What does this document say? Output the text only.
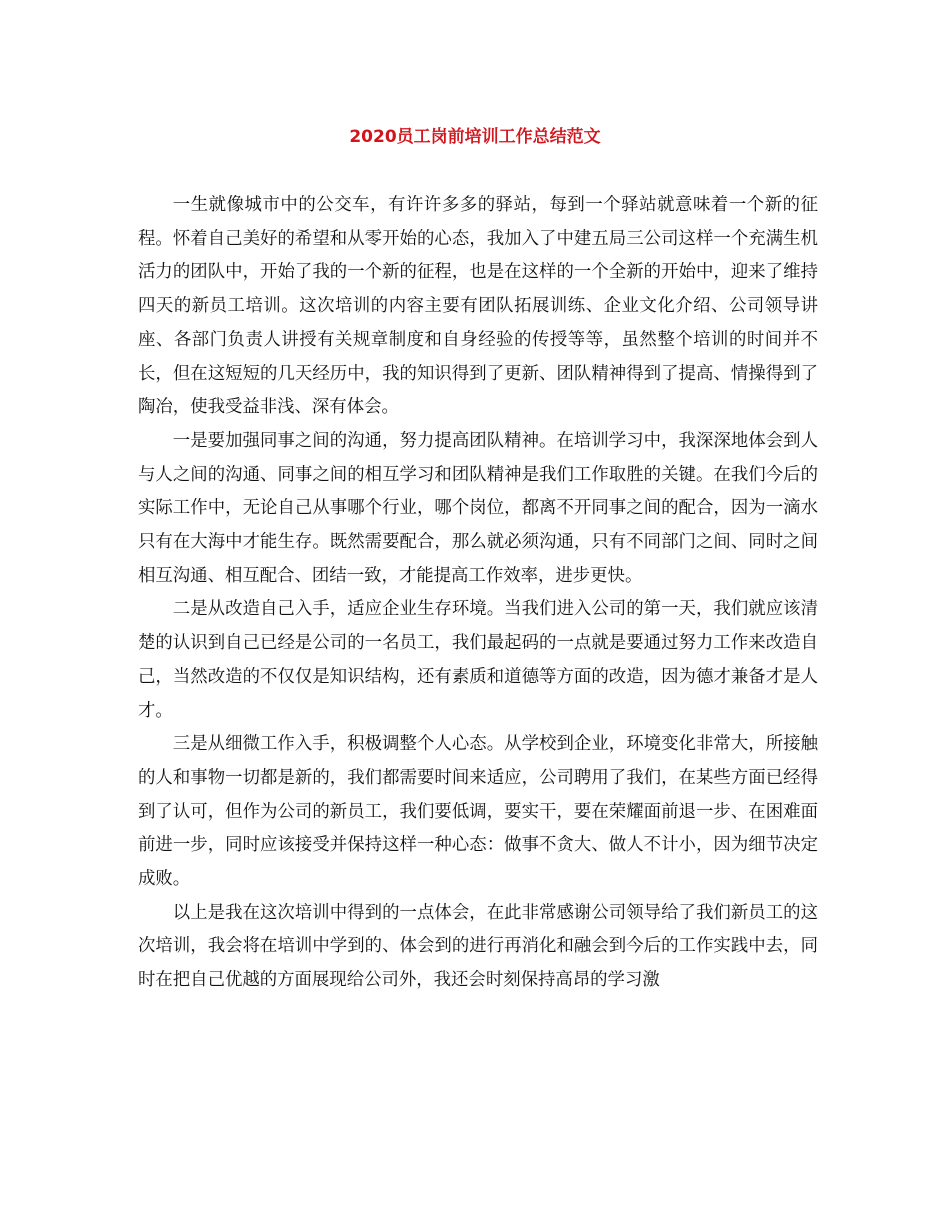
2020员工岗前培训工作总结范文

一生就像城市中的公交车，有许许多多的驿站，每到一个驿站就意味着一个新的征程。怀着自己美好的希望和从零开始的心态，我加入了中建五局三公司这样一个充满生机活力的团队中，开始了我的一个新的征程，也是在这样的一个全新的开始中，迎来了维持四天的新员工培训。这次培训的内容主要有团队拓展训练、企业文化介绍、公司领导讲座、各部门负责人讲授有关规章制度和自身经验的传授等等，虽然整个培训的时间并不长，但在这短短的几天经历中，我的知识得到了更新、团队精神得到了提高、情操得到了陶冶，使我受益非浅、深有体会。

一是要加强同事之间的沟通，努力提高团队精神。在培训学习中，我深深地体会到人与人之间的沟通、同事之间的相互学习和团队精神是我们工作取胜的关键。在我们今后的实际工作中，无论自己从事哪个行业，哪个岗位，都离不开同事之间的配合，因为一滴水只有在大海中才能生存。既然需要配合，那么就必须沟通，只有不同部门之间、同时之间相互沟通、相互配合、团结一致，才能提高工作效率，进步更快。

二是从改造自己入手，适应企业生存环境。当我们进入公司的第一天，我们就应该清楚的认识到自己已经是公司的一名员工，我们最起码的一点就是要通过努力工作来改造自己，当然改造的不仅仅是知识结构，还有素质和道德等方面的改造，因为德才兼备才是人才。

三是从细微工作入手，积极调整个人心态。从学校到企业，环境变化非常大，所接触的人和事物一切都是新的，我们都需要时间来适应，公司聘用了我们，在某些方面已经得到了认可，但作为公司的新员工，我们要低调，要实干，要在荣耀面前退一步、在困难面前进一步，同时应该接受并保持这样一种心态：做事不贪大、做人不计小，因为细节决定成败。

以上是我在这次培训中得到的一点体会，在此非常感谢公司领导给了我们新员工的这次培训，我会将在培训中学到的、体会到的进行再消化和融会到今后的工作实践中去，同时在把自己优越的方面展现给公司外，我还会时刻保持高昂的学习激
